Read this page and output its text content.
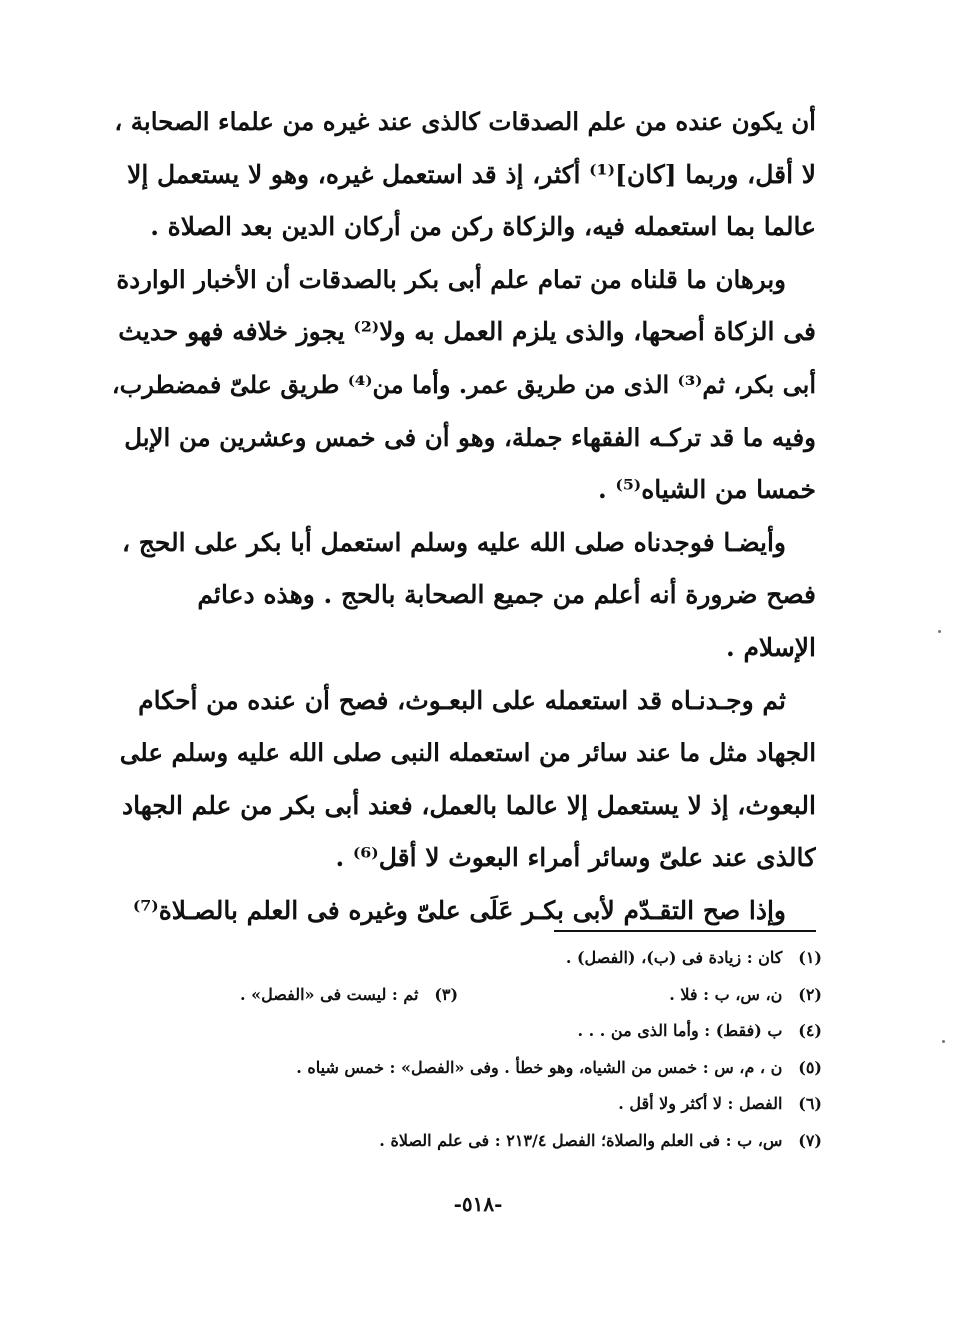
أن يكون عنده من علم الصدقات كالذى عند غيره من علماء الصحابة ،
لا أقل، وربما [كان]⁽¹⁾ أكثر، إذ قد استعمل غيره، وهو لا يستعمل إلا
عالما بما استعمله فيه، والزكاة ركن من أركان الدين بعد الصلاة .
وبرهان ما قلناه من تمام علم أبى بكر بالصدقات أن الأخبار الواردة
فى الزكاة أصحها، والذى يلزم العمل به ولا⁽²⁾ يجوز خلافه فهو حديث
أبى بكر، ثم⁽³⁾ الذى من طريق عمر. وأما من⁽⁴⁾ طريق علىّ فمضطرب،
وفيه ما قد تركـه الفقهاء جملة، وهو أن فى خمس وعشرين من الإبل
خمسا من الشياه⁽⁵⁾ .
وأيضـا فوجدناه صلى الله عليه وسلم استعمل أبا بكر على الحج ،
فصح ضرورة أنه أعلم من جميع الصحابة بالحج . وهذه دعائم
الإسلام .
ثم وجـدنـاه قد استعمله على البعـوث، فصح أن عنده من أحكام
الجهاد مثل ما عند سائر من استعمله النبى صلى الله عليه وسلم على
البعوث، إذ لا يستعمل إلا عالما بالعمل، فعند أبى بكر من علم الجهاد
كالذى عند علىّ وسائر أمراء البعوث لا أقل⁽⁶⁾ .
وإذا صح التقـدّم لأبى بكـر عَلَى علىّ وغيره فى العلم بالصـلاة⁽⁷⁾
(١) كان : زيادة فى (ب)، (الفصل) .
(٢) ن، س، ب : فلا .
(٣) ثم : ليست فى «الفصل» .
(٤) ب (فقط) : وأما الذى من . . .
(٥) ن ، م، س : خمس من الشياه، وهو خطأ . وفى «الفصل» : خمس شياه .
(٦) الفصل : لا أكثر ولا أقل .
(٧) س، ب : فى العلم والصلاة؛ الفصل ٢١٣/٤ : فى علم الصلاة .
-٥١٨-
